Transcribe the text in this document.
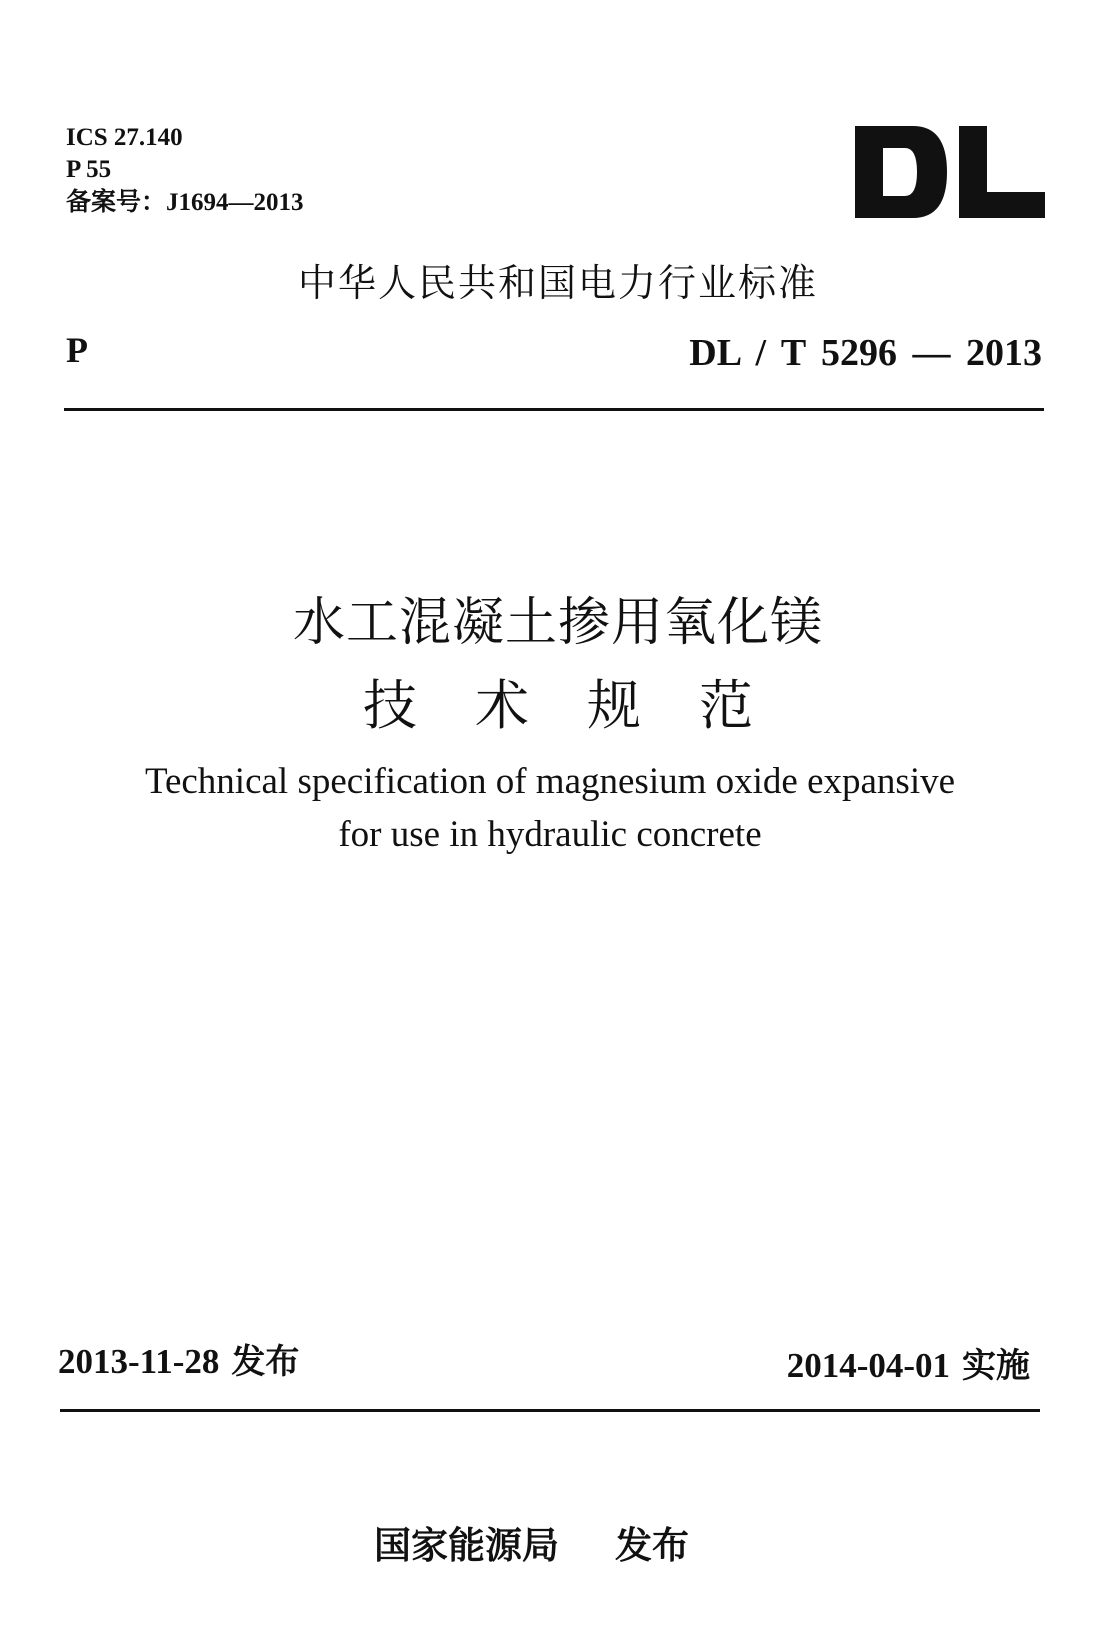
ICS 27.140
P 55
备案号：J1694—2013
中华人民共和国电力行业标准
P	DL / T 5296 — 2013
水工混凝土掺用氧化镁
技术规范
Technical specification of magnesium oxide expansive
for use in hydraulic concrete
2013-11-28 发布	2014-04-01 实施
国家能源局 发布
